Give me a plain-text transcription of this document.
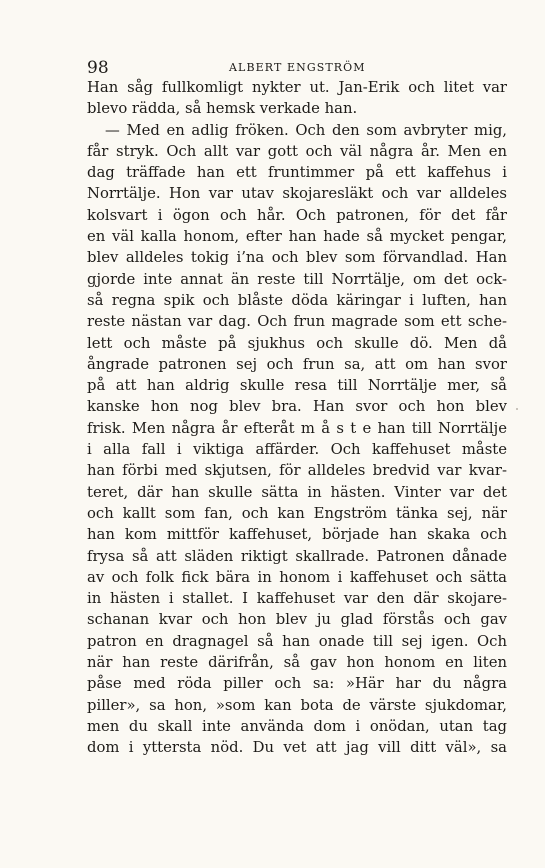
98	ALBERT ENGSTRÖM
Han såg fullkomligt nykter ut. Jan-Erik och litet var
blevo rädda, så hemsk verkade han.
— Med en adlig fröken. Och den som avbryter mig,
får stryk. Och allt var gott och väl några år. Men en
dag träffade han ett fruntimmer på ett kaffehus i
Norrtälje. Hon var utav skojaresläkt och var alldeles
kolsvart i ögon och hår. Och patronen, för det får
en väl kalla honom, efter han hade så mycket pengar,
blev alldeles tokig i’na och blev som förvandlad. Han
gjorde inte annat än reste till Norrtälje, om det ock-
så regna spik och blåste döda käringar i luften, han
reste nästan var dag. Och frun magrade som ett sche-
lett och måste på sjukhus och skulle dö. Men då
ångrade patronen sej och frun sa, att om han svor
på att han aldrig skulle resa till Norrtälje mer, så
kanske hon nog blev bra. Han svor och hon blev
frisk. Men några år efteråt m å s t e han till Norrtälje
i alla fall i viktiga affärder. Och kaffehuset måste
han förbi med skjutsen, för alldeles bredvid var kvar-
teret, där han skulle sätta in hästen. Vinter var det
och kallt som fan, och kan Engström tänka sej, när
han kom mittför kaffehuset, började han skaka och
frysa så att släden riktigt skallrade. Patronen dånade
av och folk fick bära in honom i kaffehuset och sätta
in hästen i stallet. I kaffehuset var den där skojare-
schanan kvar och hon blev ju glad förstås och gav
patron en dragnagel så han onade till sej igen. Och
när han reste därifrån, så gav hon honom en liten
påse med röda piller och sa: »Här har du några
piller», sa hon, »som kan bota de värste sjukdomar,
men du skall inte använda dom i onödan, utan tag
dom i yttersta nöd. Du vet att jag vill ditt väl», sa
